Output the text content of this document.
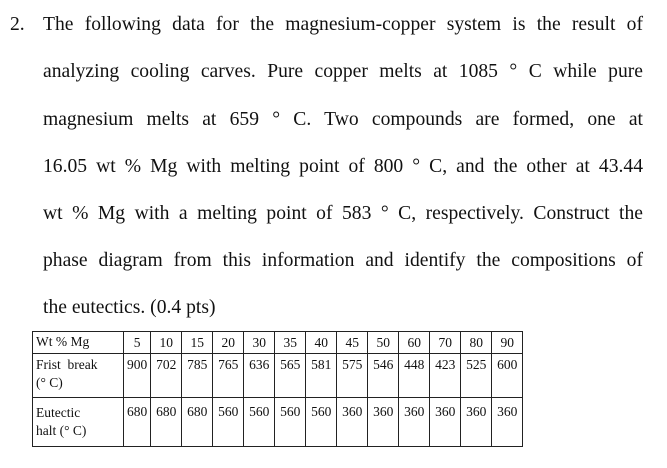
2. The following data for the magnesium-copper system is the result of
analyzing cooling carves. Pure copper melts at 1085 ° C while pure
magnesium melts at 659 ° C. Two compounds are formed, one at
16.05 wt % Mg with melting point of 800 ° C, and the other at 43.44
wt % Mg with a melting point of 583 ° C, respectively. Construct the
phase diagram from this information and identify the compositions of
the eutectics. (0.4 pts)
Wt % Mg	5	10	15	20	30	35	40	45	50	60	70	80	90

Frist  break
(° C)	900	702	785	765	636	565	581	575	546	448	423	525	600

Eutectic
halt (° C)	680	680	680	560	560	560	560	360	360	360	360	360	360
